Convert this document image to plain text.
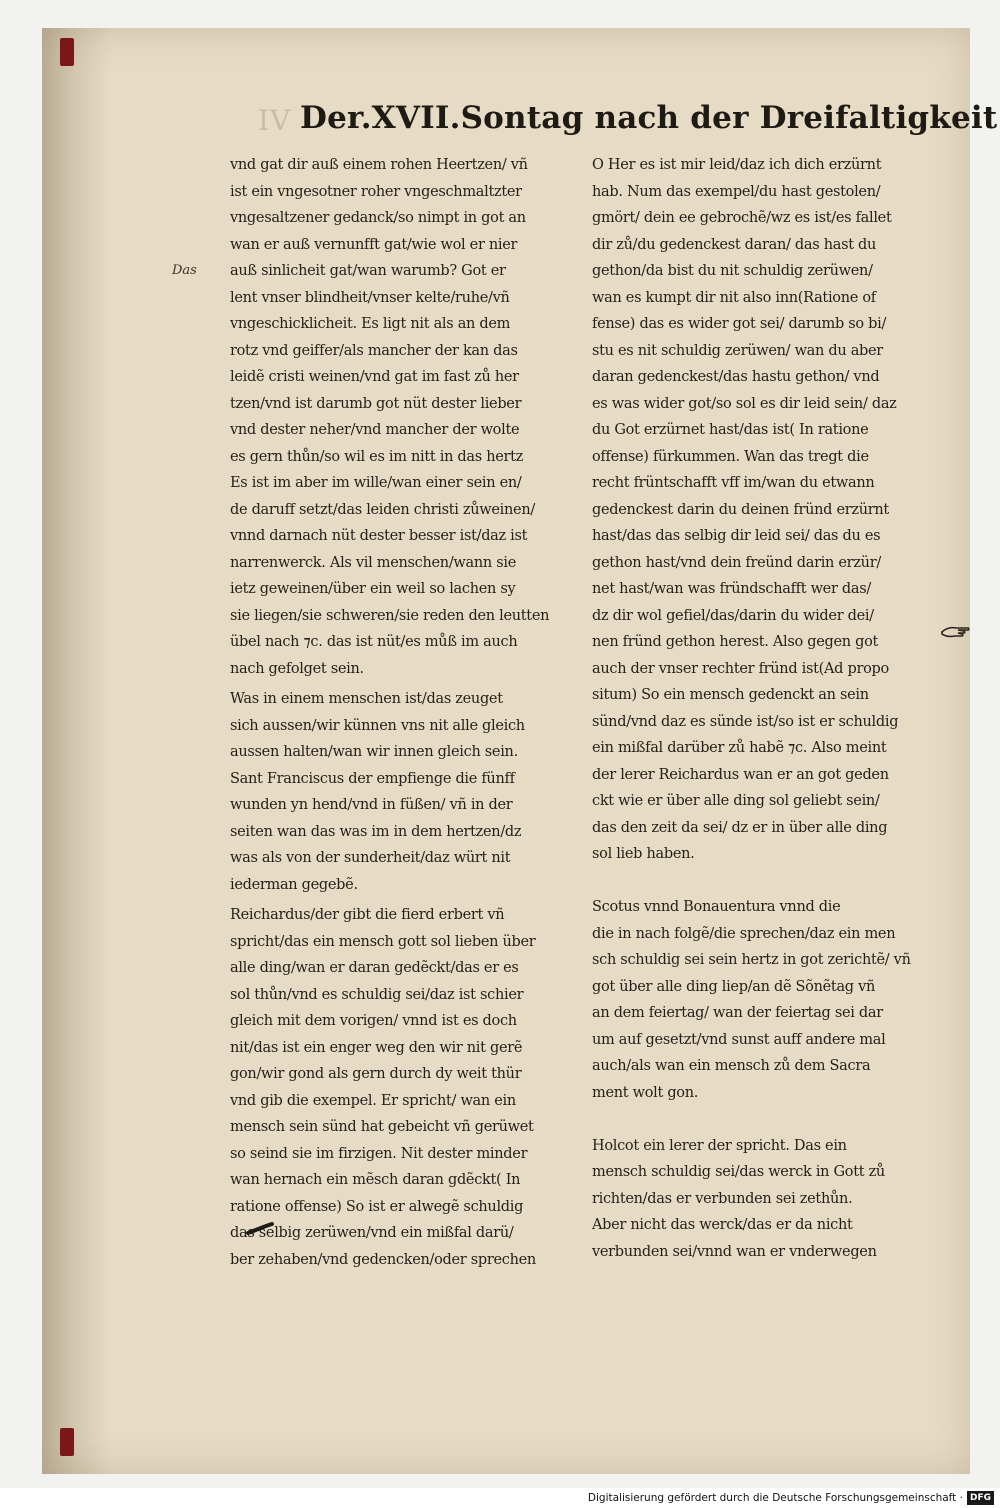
IV Der.XVII.Sontag nach der Dreifaltigkeit
Das
vnd gat dir auß einem rohen Heertzen/ vñ
ist ein vngesotner roher vngeschmaltzter
vngesaltzener gedanck/so nimpt in got an
wan er auß vernunfft gat/wie wol er nier
auß sinlicheit gat/wan warumb? Got er
lent vnser blindheit/vnser kelte/ruhe/vñ
vngeschicklicheit. Es ligt nit als an dem
rotz vnd geiffer/als mancher der kan das
leidẽ cristi weinen/vnd gat im fast zů her
tzen/vnd ist darumb got nüt dester lieber
vnd dester neher/vnd mancher der wolte
es gern thůn/so wil es im nitt in das hertz
Es ist im aber im wille/wan einer sein en/
de daruff setzt/das leiden christi zůweinen/
vnnd darnach nüt dester besser ist/daz ist
narrenwerck. Als vil menschen/wann sie
ietz geweinen/über ein weil so lachen sy
sie liegen/sie schweren/sie reden den leutten
übel nach ⁊c. das ist nüt/es můß im auch
nach gefolget sein.
Was in einem menschen ist/das zeuget
sich aussen/wir künnen vns nit alle gleich
aussen halten/wan wir innen gleich sein.
Sant Franciscus der empfienge die fünff
wunden yn hend/vnd in füßen/ vñ in der
seiten wan das was im in dem hertzen/dz
was als von der sunderheit/daz würt nit
iederman gegebẽ.
Reichardus/der gibt die fierd erbert vñ
spricht/das ein mensch gott sol lieben über
alle ding/wan er daran gedẽckt/das er es
sol thůn/vnd es schuldig sei/daz ist schier
gleich mit dem vorigen/ vnnd ist es doch
nit/das ist ein enger weg den wir nit gerẽ
gon/wir gond als gern durch dy weit thür
vnd gib die exempel. Er spricht/ wan ein
mensch sein sünd hat gebeicht vñ gerüwet
so seind sie im firzigen. Nit dester minder
wan hernach ein mẽsch daran gdẽckt( In
ratione offense) So ist er alwegẽ schuldig
das selbig zerüwen/vnd ein mißfal darü/
ber zehaben/vnd gedencken/oder sprechen
O Her es ist mir leid/daz ich dich erzürnt
hab. Num das exempel/du hast gestolen/
gmört/ dein ee gebrochẽ/wz es ist/es fallet
dir zů/du gedenckest daran/ das hast du
gethon/da bist du nit schuldig zerüwen/
wan es kumpt dir nit also inn(Ratione of
fense) das es wider got sei/ darumb so bi/
stu es nit schuldig zerüwen/ wan du aber
daran gedenckest/das hastu gethon/ vnd
es was wider got/so sol es dir leid sein/ daz
du Got erzürnet hast/das ist( In ratione
offense) fürkummen. Wan das tregt die
recht früntschafft vff im/wan du etwann
gedenckest darin du deinen fründ erzürnt
hast/das das selbig dir leid sei/ das du es
gethon hast/vnd dein freünd darin erzür/
net hast/wan was fründschafft wer das/
dz dir wol gefiel/das/darin du wider dei/
nen fründ gethon herest. Also gegen got
auch der vnser rechter fründ ist(Ad propo
situm) So ein mensch gedenckt an sein
sünd/vnd daz es sünde ist/so ist er schuldig
ein mißfal darüber zů habẽ ⁊c. Also meint
der lerer Reichardus wan er an got geden
ckt wie er über alle ding sol geliebt sein/
das den zeit da sei/ dz er in über alle ding
sol lieb haben.
Scotus vnnd Bonauentura vnnd die
die in nach folgẽ/die sprechen/daz ein men
sch schuldig sei sein hertz in got zerichtẽ/ vñ
got über alle ding liep/an dẽ Sõnẽtag vñ
an dem feiertag/ wan der feiertag sei dar
um auf gesetzt/vnd sunst auff andere mal
auch/als wan ein mensch zů dem Sacra
ment wolt gon.
Holcot ein lerer der spricht. Das ein
mensch schuldig sei/das werck in Gott zů
richten/das er verbunden sei zethůn.
Aber nicht das werck/das er da nicht
verbunden sei/vnnd wan er vnderwegen
Digitalisierung gefördert durch die Deutsche Forschungsgemeinschaft · DFG
